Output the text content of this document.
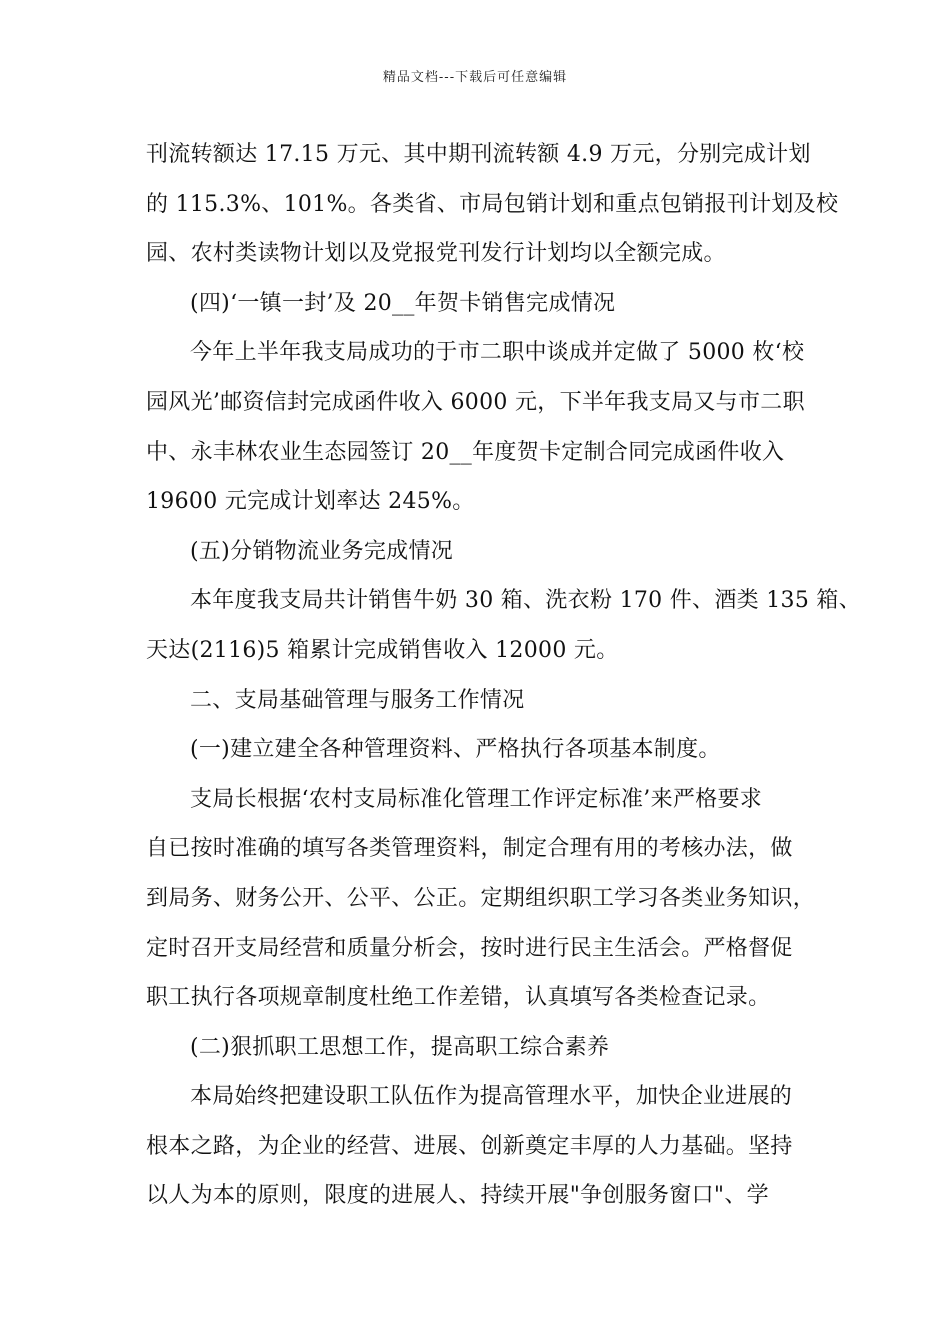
精品文档---下载后可任意编辑

刊流转额达 17.15 万元、其中期刊流转额 4.9 万元，分别完成计划
的 115.3%、101%。各类省、市局包销计划和重点包销报刊计划及校
园、农村类读物计划以及党报党刊发行计划均以全额完成。

(四)‘一镇一封’及 20__年贺卡销售完成情况

今年上半年我支局成功的于市二职中谈成并定做了 5000 枚‘校

园风光’邮资信封完成函件收入 6000 元，下半年我支局又与市二职
中、永丰林农业生态园签订 20__年度贺卡定制合同完成函件收入
19600 元完成计划率达 245%。

(五)分销物流业务完成情况

本年度我支局共计销售牛奶 30 箱、洗衣粉 170 件、酒类 135 箱、

天达(2116)5 箱累计完成销售收入 12000 元。

二、支局基础管理与服务工作情况

(一)建立建全各种管理资料、严格执行各项基本制度。

支局长根据‘农村支局标准化管理工作评定标准’来严格要求

自已按时准确的填写各类管理资料，制定合理有用的考核办法，做
到局务、财务公开、公平、公正。定期组织职工学习各类业务知识，
定时召开支局经营和质量分析会，按时进行民主生活会。严格督促
职工执行各项规章制度杜绝工作差错，认真填写各类检查记录。

(二)狠抓职工思想工作，提高职工综合素养

本局始终把建设职工队伍作为提高管理水平，加快企业进展的

根本之路，为企业的经营、进展、创新奠定丰厚的人力基础。坚持
以人为本的原则，限度的进展人、持续开展"争创服务窗口"、学
